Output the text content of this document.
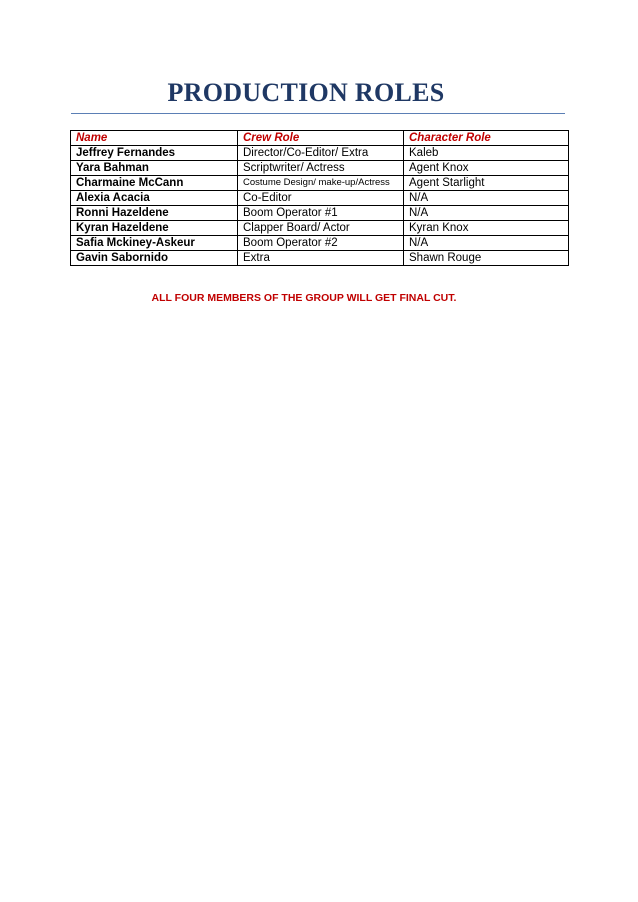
PRODUCTION ROLES
Name	Crew Role	Character Role
Jeffrey Fernandes	Director/Co-Editor/ Extra	Kaleb
Yara Bahman	Scriptwriter/ Actress	Agent Knox
Charmaine McCann	Costume Design/ make-up/Actress	Agent Starlight
Alexia Acacia	Co-Editor	N/A
Ronni Hazeldene	Boom Operator #1	N/A
Kyran Hazeldene	Clapper Board/ Actor	Kyran Knox
Safia Mckiney-Askeur	Boom Operator #2	N/A
Gavin Sabornido	Extra	Shawn Rouge

ALL FOUR MEMBERS OF THE GROUP WILL GET FINAL CUT.
